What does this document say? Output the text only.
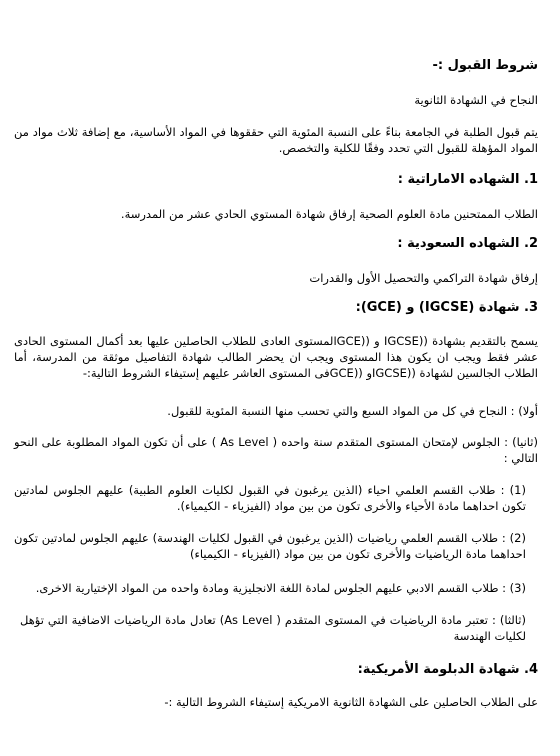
شروط القبول :-

النجاح في الشهادة الثانوية

يتم قبول الطلبة في الجامعة بناءً على النسبة المئوية التي حققوها في المواد الأساسية، مع إضافة ثلاث مواد من المواد المؤهلة للقبول التي تحدد وفقًا للكلية والتخصص.

1. الشهاده الاماراتية :

الطلاب الممتحنين مادة العلوم الصحية إرفاق شهادة المستوي الحادي عشر من المدرسة.

2. الشهاده السعودية :

إرفاق شهادة التراكمي والتحصيل الأول والقدرات

3. شهادة (IGCSE) و (GCE):

يسمح بالتقديم بشهادة ((IGCSE و ((GCEالمستوى العادى للطلاب الحاصلين عليها بعد أكمال المستوى الحادى عشر فقط ويجب ان يكون هذا المستوى ويجب ان يحضر الطالب شهادة التفاصيل موثقة من المدرسة، أما الطلاب الجالسين لشهادة ((IGCSEو ((GCEفى المستوى العاشر عليهم إستيفاء الشروط التالية:-

أولا) : النجاح في كل من المواد السبع والتي تحسب منها النسبة المئوية للقبول.

(ثانيا) : الجلوس لإمتحان المستوى المتقدم سنة واحده ( As Level ) على أن تكون المواد المطلوبة على النحو التالي :

(1) : طلاب القسم العلمي احياء (الذين يرغبون في القبول لكليات العلوم الطبية) عليهم الجلوس لمادتين تكون احداهما مادة الأحياء والأخرى تكون من بين مواد (الفيزياء - الكيمياء).

(2) : طلاب القسم العلمي رياضيات (الذين يرغبون في القبول لكليات الهندسة) عليهم الجلوس لمادتين تكون احداهما مادة الرياضيات والأخرى تكون من بين مواد (الفيزياء - الكيمياء)

(3) : طلاب القسم الادبي عليهم الجلوس لمادة اللغة الانجليزية ومادة واحده من المواد الإختيارية الاخرى.

(ثالثا) : تعتبر مادة الرياضيات في المستوى المتقدم ( As Level) تعادل مادة الرياضيات الاضافية التي تؤهل لكليات الهندسة

4. شهادة الدبلومة الأمريكية:

على الطلاب الحاصلين على الشهادة الثانوية الامريكية إستيفاء الشروط التالية :-
